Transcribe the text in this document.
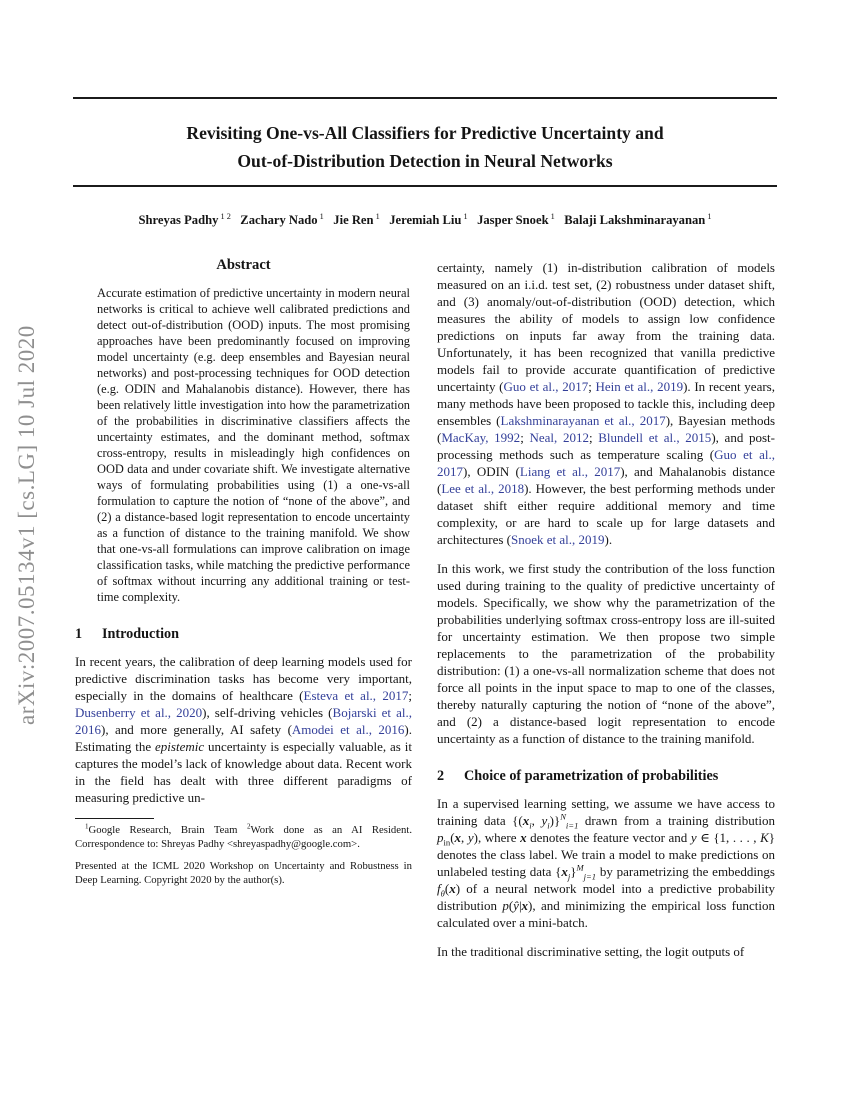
arXiv:2007.05134v1 [cs.LG] 10 Jul 2020
Revisiting One-vs-All Classifiers for Predictive Uncertainty and
Out-of-Distribution Detection in Neural Networks
Shreyas Padhy $^{1 2}$   Zachary Nado $^1$   Jie Ren $^1$   Jeremiah Liu $^1$   Jasper Snoek $^1$   Balaji Lakshminarayanan $^1$
Abstract
Accurate estimation of predictive uncertainty in modern neural networks is critical to achieve well calibrated predictions and detect out-of-distribution (OOD) inputs. The most promising approaches have been predominantly focused on improving model uncertainty (e.g. deep ensembles and Bayesian neural networks) and post-processing techniques for OOD detection (e.g. ODIN and Mahalanobis distance). However, there has been relatively little investigation into how the parametrization of the probabilities in discriminative classifiers affects the uncertainty estimates, and the dominant method, softmax cross-entropy, results in misleadingly high confidences on OOD data and under covariate shift. We investigate alternative ways of formulating probabilities using (1) a one-vs-all formulation to capture the notion of “none of the above”, and (2) a distance-based logit representation to encode uncertainty as a function of distance to the training manifold. We show that one-vs-all formulations can improve calibration on image classification tasks, while matching the predictive performance of softmax without incurring any additional training or test-time complexity.
1 Introduction
In recent years, the calibration of deep learning models used for predictive discrimination tasks has become very important, especially in the domains of healthcare (Esteva et al., 2017; Dusenberry et al., 2020), self-driving vehicles (Bojarski et al., 2016), and more generally, AI safety (Amodei et al., 2016). Estimating the epistemic uncertainty is especially valuable, as it captures the model’s lack of knowledge about data. Recent work in the field has dealt with three different paradigms of measuring predictive un-
$^1$Google Research, Brain Team $^2$Work done as an AI Resident. Correspondence to: Shreyas Padhy <shreyaspadhy@google.com>.
Presented at the ICML 2020 Workshop on Uncertainty and Robustness in Deep Learning. Copyright 2020 by the author(s).
certainty, namely (1) in-distribution calibration of models measured on an i.i.d. test set, (2) robustness under dataset shift, and (3) anomaly/out-of-distribution (OOD) detection, which measures the ability of models to assign low confidence predictions on inputs far away from the training data. Unfortunately, it has been recognized that vanilla predictive models fail to provide accurate quantification of predictive uncertainty (Guo et al., 2017; Hein et al., 2019). In recent years, many methods have been proposed to tackle this, including deep ensembles (Lakshminarayanan et al., 2017), Bayesian methods (MacKay, 1992; Neal, 2012; Blundell et al., 2015), and post-processing methods such as temperature scaling (Guo et al., 2017), ODIN (Liang et al., 2017), and Mahalanobis distance (Lee et al., 2018). However, the best performing methods under dataset shift either require additional memory and time complexity, or are hard to scale up for large datasets and architectures (Snoek et al., 2019).
In this work, we first study the contribution of the loss function used during training to the quality of predictive uncertainty of models. Specifically, we show why the parametrization of the probabilities underlying softmax cross-entropy loss are ill-suited for uncertainty estimation. We then propose two simple replacements to the parametrization of the probability distribution: (1) a one-vs-all normalization scheme that does not force all points in the input space to map to one of the classes, thereby naturally capturing the notion of “none of the above”, and (2) a distance-based logit representation to encode uncertainty as a function of distance to the training manifold.
2 Choice of parametrization of probabilities
In a supervised learning setting, we assume we have access to training data {($x_i$, $y_i)\}^N_{i=1}$ drawn from a training distribution $p_{in}(x$, y), where x denotes the feature vector and y ∈ {1, . . . , K} denotes the class label. We train a model to make predictions on unlabeled testing data $\{x_j\}^M_{j=1}$ by parametrizing the embeddings $f_\theta(x)$ of a neural network model into a predictive probability distribution p(ŷ|x), and minimizing the empirical loss function calculated over a mini-batch.
In the traditional discriminative setting, the logit outputs of
